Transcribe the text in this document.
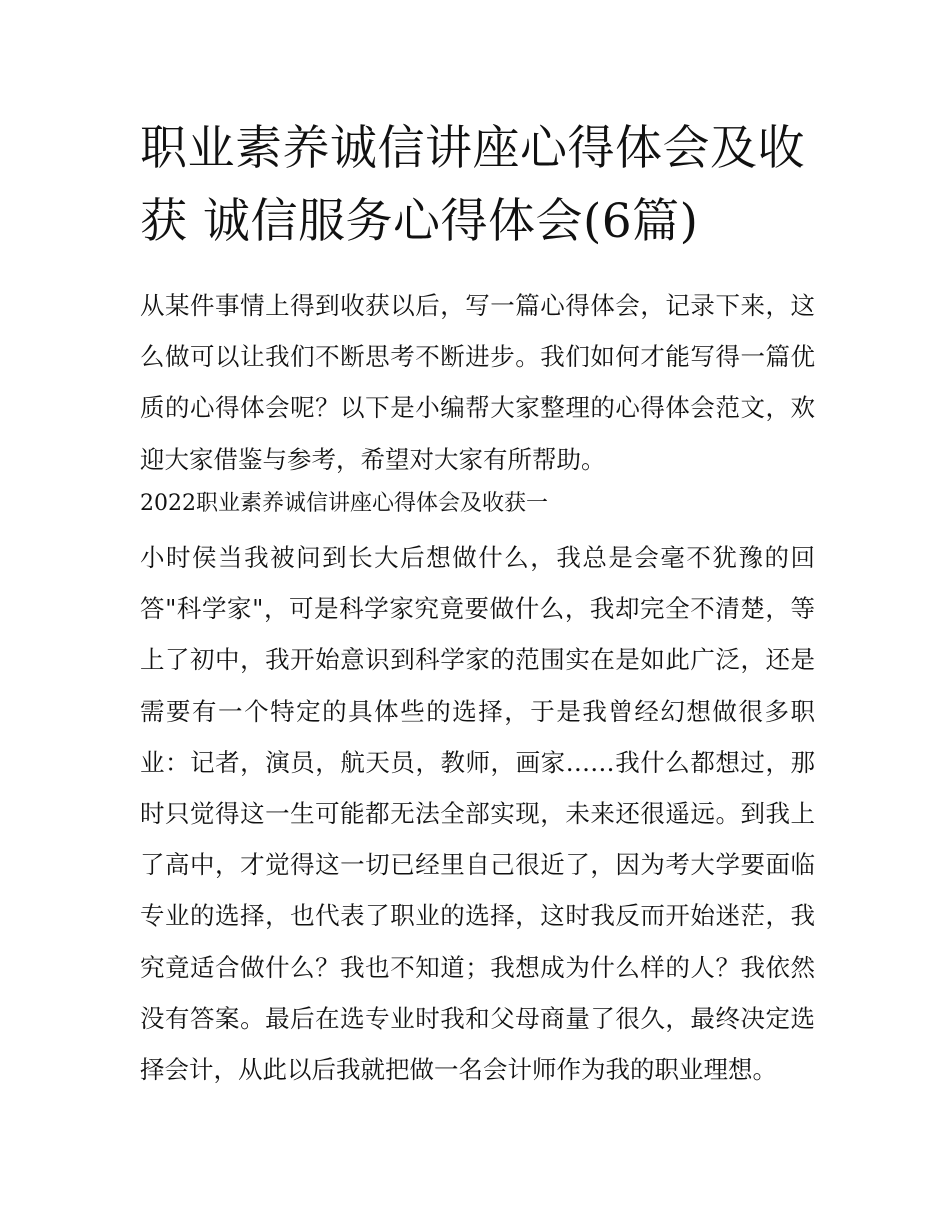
职业素养诚信讲座心得体会及收获 诚信服务心得体会(6篇)

从某件事情上得到收获以后，写一篇心得体会，记录下来，这么做可以让我们不断思考不断进步。我们如何才能写得一篇优质的心得体会呢？以下是小编帮大家整理的心得体会范文，欢迎大家借鉴与参考，希望对大家有所帮助。

2022职业素养诚信讲座心得体会及收获一

小时侯当我被问到长大后想做什么，我总是会毫不犹豫的回答"科学家"，可是科学家究竟要做什么，我却完全不清楚，等上了初中，我开始意识到科学家的范围实在是如此广泛，还是需要有一个特定的具体些的选择，于是我曾经幻想做很多职业：记者，演员，航天员，教师，画家……我什么都想过，那时只觉得这一生可能都无法全部实现，未来还很遥远。到我上了高中，才觉得这一切已经里自己很近了，因为考大学要面临专业的选择，也代表了职业的选择，这时我反而开始迷茫，我究竟适合做什么？我也不知道；我想成为什么样的人？我依然没有答案。最后在选专业时我和父母商量了很久，最终决定选择会计，从此以后我就把做一名会计师作为我的职业理想。
